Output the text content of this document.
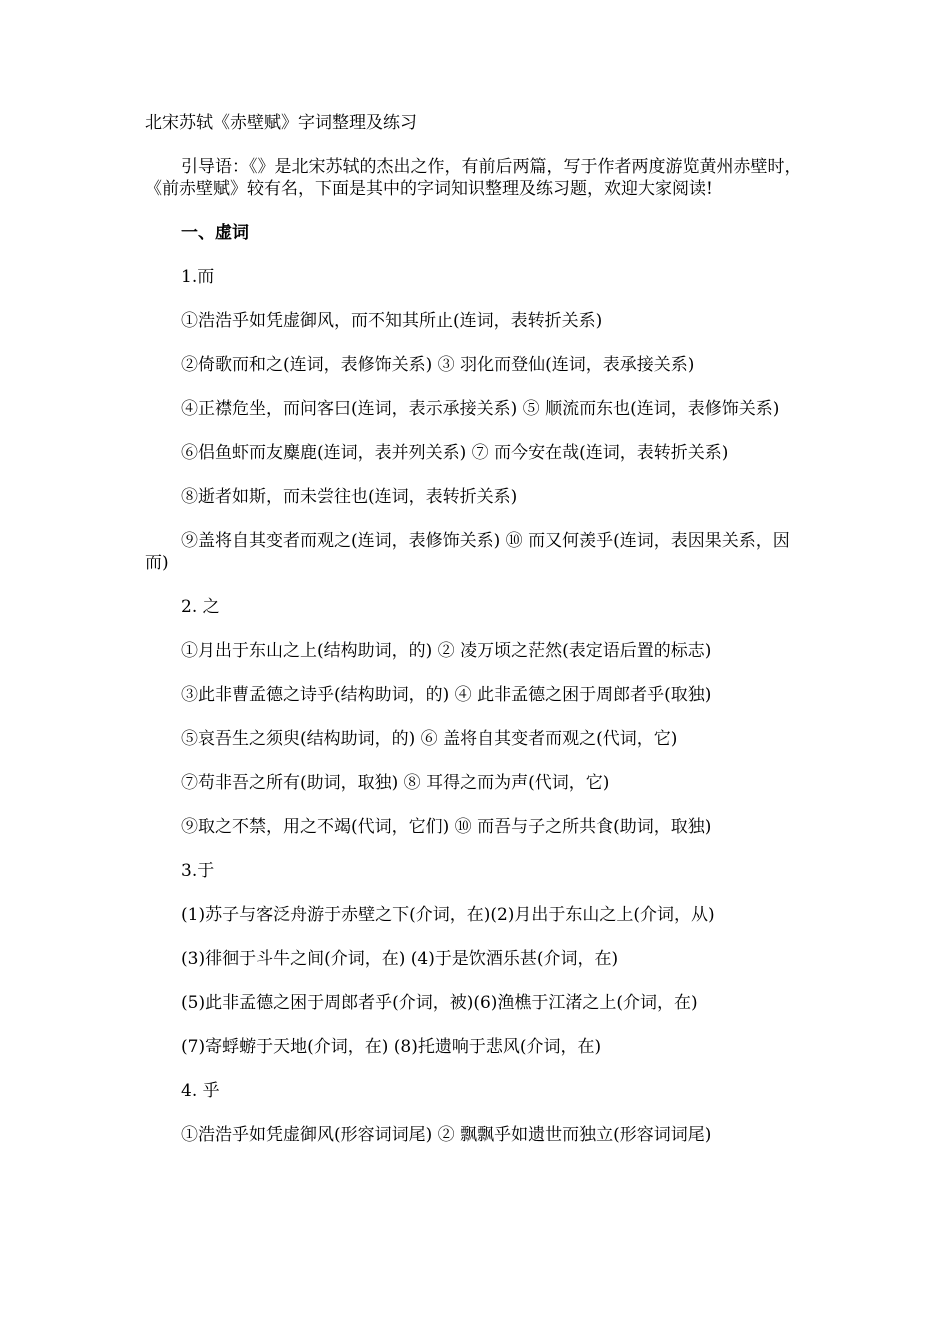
北宋苏轼《赤壁赋》字词整理及练习
引导语：《》是北宋苏轼的杰出之作，有前后两篇，写于作者两度游览黄州赤壁时，《前赤壁赋》较有名，下面是其中的字词知识整理及练习题，欢迎大家阅读!
一、虚词
1.而
①浩浩乎如凭虚御风，而不知其所止(连词，表转折关系)
②倚歌而和之(连词，表修饰关系) ③ 羽化而登仙(连词，表承接关系)
④正襟危坐，而问客曰(连词，表示承接关系) ⑤ 顺流而东也(连词，表修饰关系)
⑥侣鱼虾而友麋鹿(连词，表并列关系) ⑦ 而今安在哉(连词，表转折关系)
⑧逝者如斯，而未尝往也(连词，表转折关系)
⑨盖将自其变者而观之(连词，表修饰关系) ⑩ 而又何羡乎(连词，表因果关系，因而)
2. 之
①月出于东山之上(结构助词，的) ② 凌万顷之茫然(表定语后置的标志)
③此非曹孟德之诗乎(结构助词，的) ④ 此非孟德之困于周郎者乎(取独)
⑤哀吾生之须臾(结构助词，的) ⑥ 盖将自其变者而观之(代词，它)
⑦苟非吾之所有(助词，取独) ⑧ 耳得之而为声(代词，它)
⑨取之不禁，用之不竭(代词，它们) ⑩ 而吾与子之所共食(助词，取独)
3.于
(1)苏子与客泛舟游于赤壁之下(介词，在)(2)月出于东山之上(介词，从)
(3)徘徊于斗牛之间(介词，在) (4)于是饮酒乐甚(介词，在)
(5)此非孟德之困于周郎者乎(介词，被)(6)渔樵于江渚之上(介词，在)
(7)寄蜉蝣于天地(介词，在) (8)托遗响于悲风(介词，在)
4. 乎
①浩浩乎如凭虚御风(形容词词尾) ② 飘飘乎如遗世而独立(形容词词尾)
